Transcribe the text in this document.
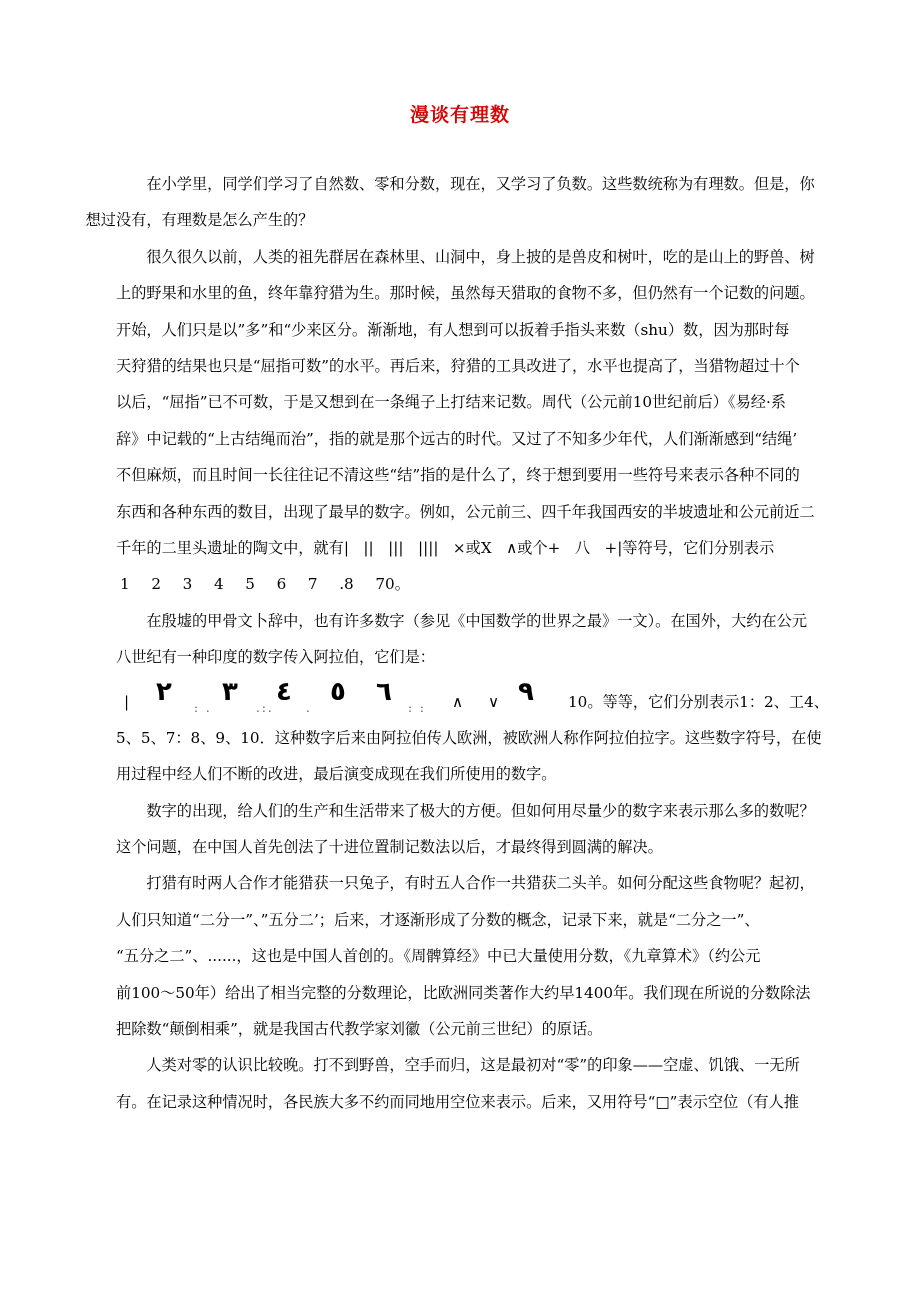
漫谈有理数

在小学里，同学们学习了自然数、零和分数，现在，又学习了负数。这些数统称为有理数。但是，你
想过没有，有理数是怎么产生的？

很久很久以前，人类的祖先群居在森林里、山洞中，身上披的是兽皮和树叶，吃的是山上的野兽、树
上的野果和水里的鱼，终年靠狩猎为生。那时候，虽然每天猎取的食物不多，但仍然有一个记数的问题。
开始，人们只是以”多”和“少来区分。渐渐地，有人想到可以扳着手指头来数（shu）数，因为那时每
天狩猎的结果也只是“屈指可数”的水平。再后来，狩猎的工具改进了，水平也提高了，当猎物超过十个
以后，“屈指”已不可数，于是又想到在一条绳子上打结来记数。周代（公元前10世纪前后）《易经·系
辞》中记载的“上古结绳而治”，指的就是那个远古的时代。又过了不知多少年代，人们渐渐感到“结绳’
不但麻烦，而且时间一长往往记不清这些“结”指的是什么了，终于想到要用一些符号来表示各种不同的
东西和各种东西的数目，出现了最早的数字。例如，公元前三、四千年我国西安的半坡遗址和公元前近二
千年的二里头遗址的陶文中，就有|   ||   |||   ||||   ×或Ⅹ   ∧或个+   八   +|等符号，它们分别表示
1  2  3  4  5  6  7  .8  70。

在殷墟的甲骨文卜辞中，也有许多数字（参见《中国数学的世界之最》一文）。在国外，大约在公元
八世纪有一种印度的数字传入阿拉伯，它们是：

| ٢
: .
٣
.:.
٤
.
٥ ٦
: : ∧ ∨ ٩ 10。等等，它们分别表示1：2、工4、

5、5、7：8、9、10．这种数字后来由阿拉伯传人欧洲，被欧洲人称作阿拉伯拉字。这些数字符号，在使
用过程中经人们不断的改进，最后演变成现在我们所使用的数字。

数字的出现，给人们的生产和生活带来了极大的方便。但如何用尽量少的数字来表示那么多的数呢？
这个问题，在中国人首先创法了十进位置制记数法以后，才最终得到圆满的解决。

打猎有时两人合作才能猎获一只兔子，有时五人合作一共猎获二头羊。如何分配这些食物呢？起初，
人们只知道“二分一”、”五分二’；后来，才逐渐形成了分数的概念，记录下来，就是“二分之一”、
“五分之二”、......，这也是中国人首创的。《周髀算经》中已大量使用分数，《九章算术》（约公元
前100～50年）给出了相当完整的分数理论，比欧洲同类著作大约早1400年。我们现在所说的分数除法
把除数“颠倒相乘”，就是我国古代教学家刘徽（公元前三世纪）的原话。

人类对零的认识比较晚。打不到野兽，空手而归，这是最初对“零”的印象——空虚、饥饿、一无所
有。在记录这种情况时，各民族大多不约而同地用空位来表示。后来，又用符号“□”表示空位（有人推
